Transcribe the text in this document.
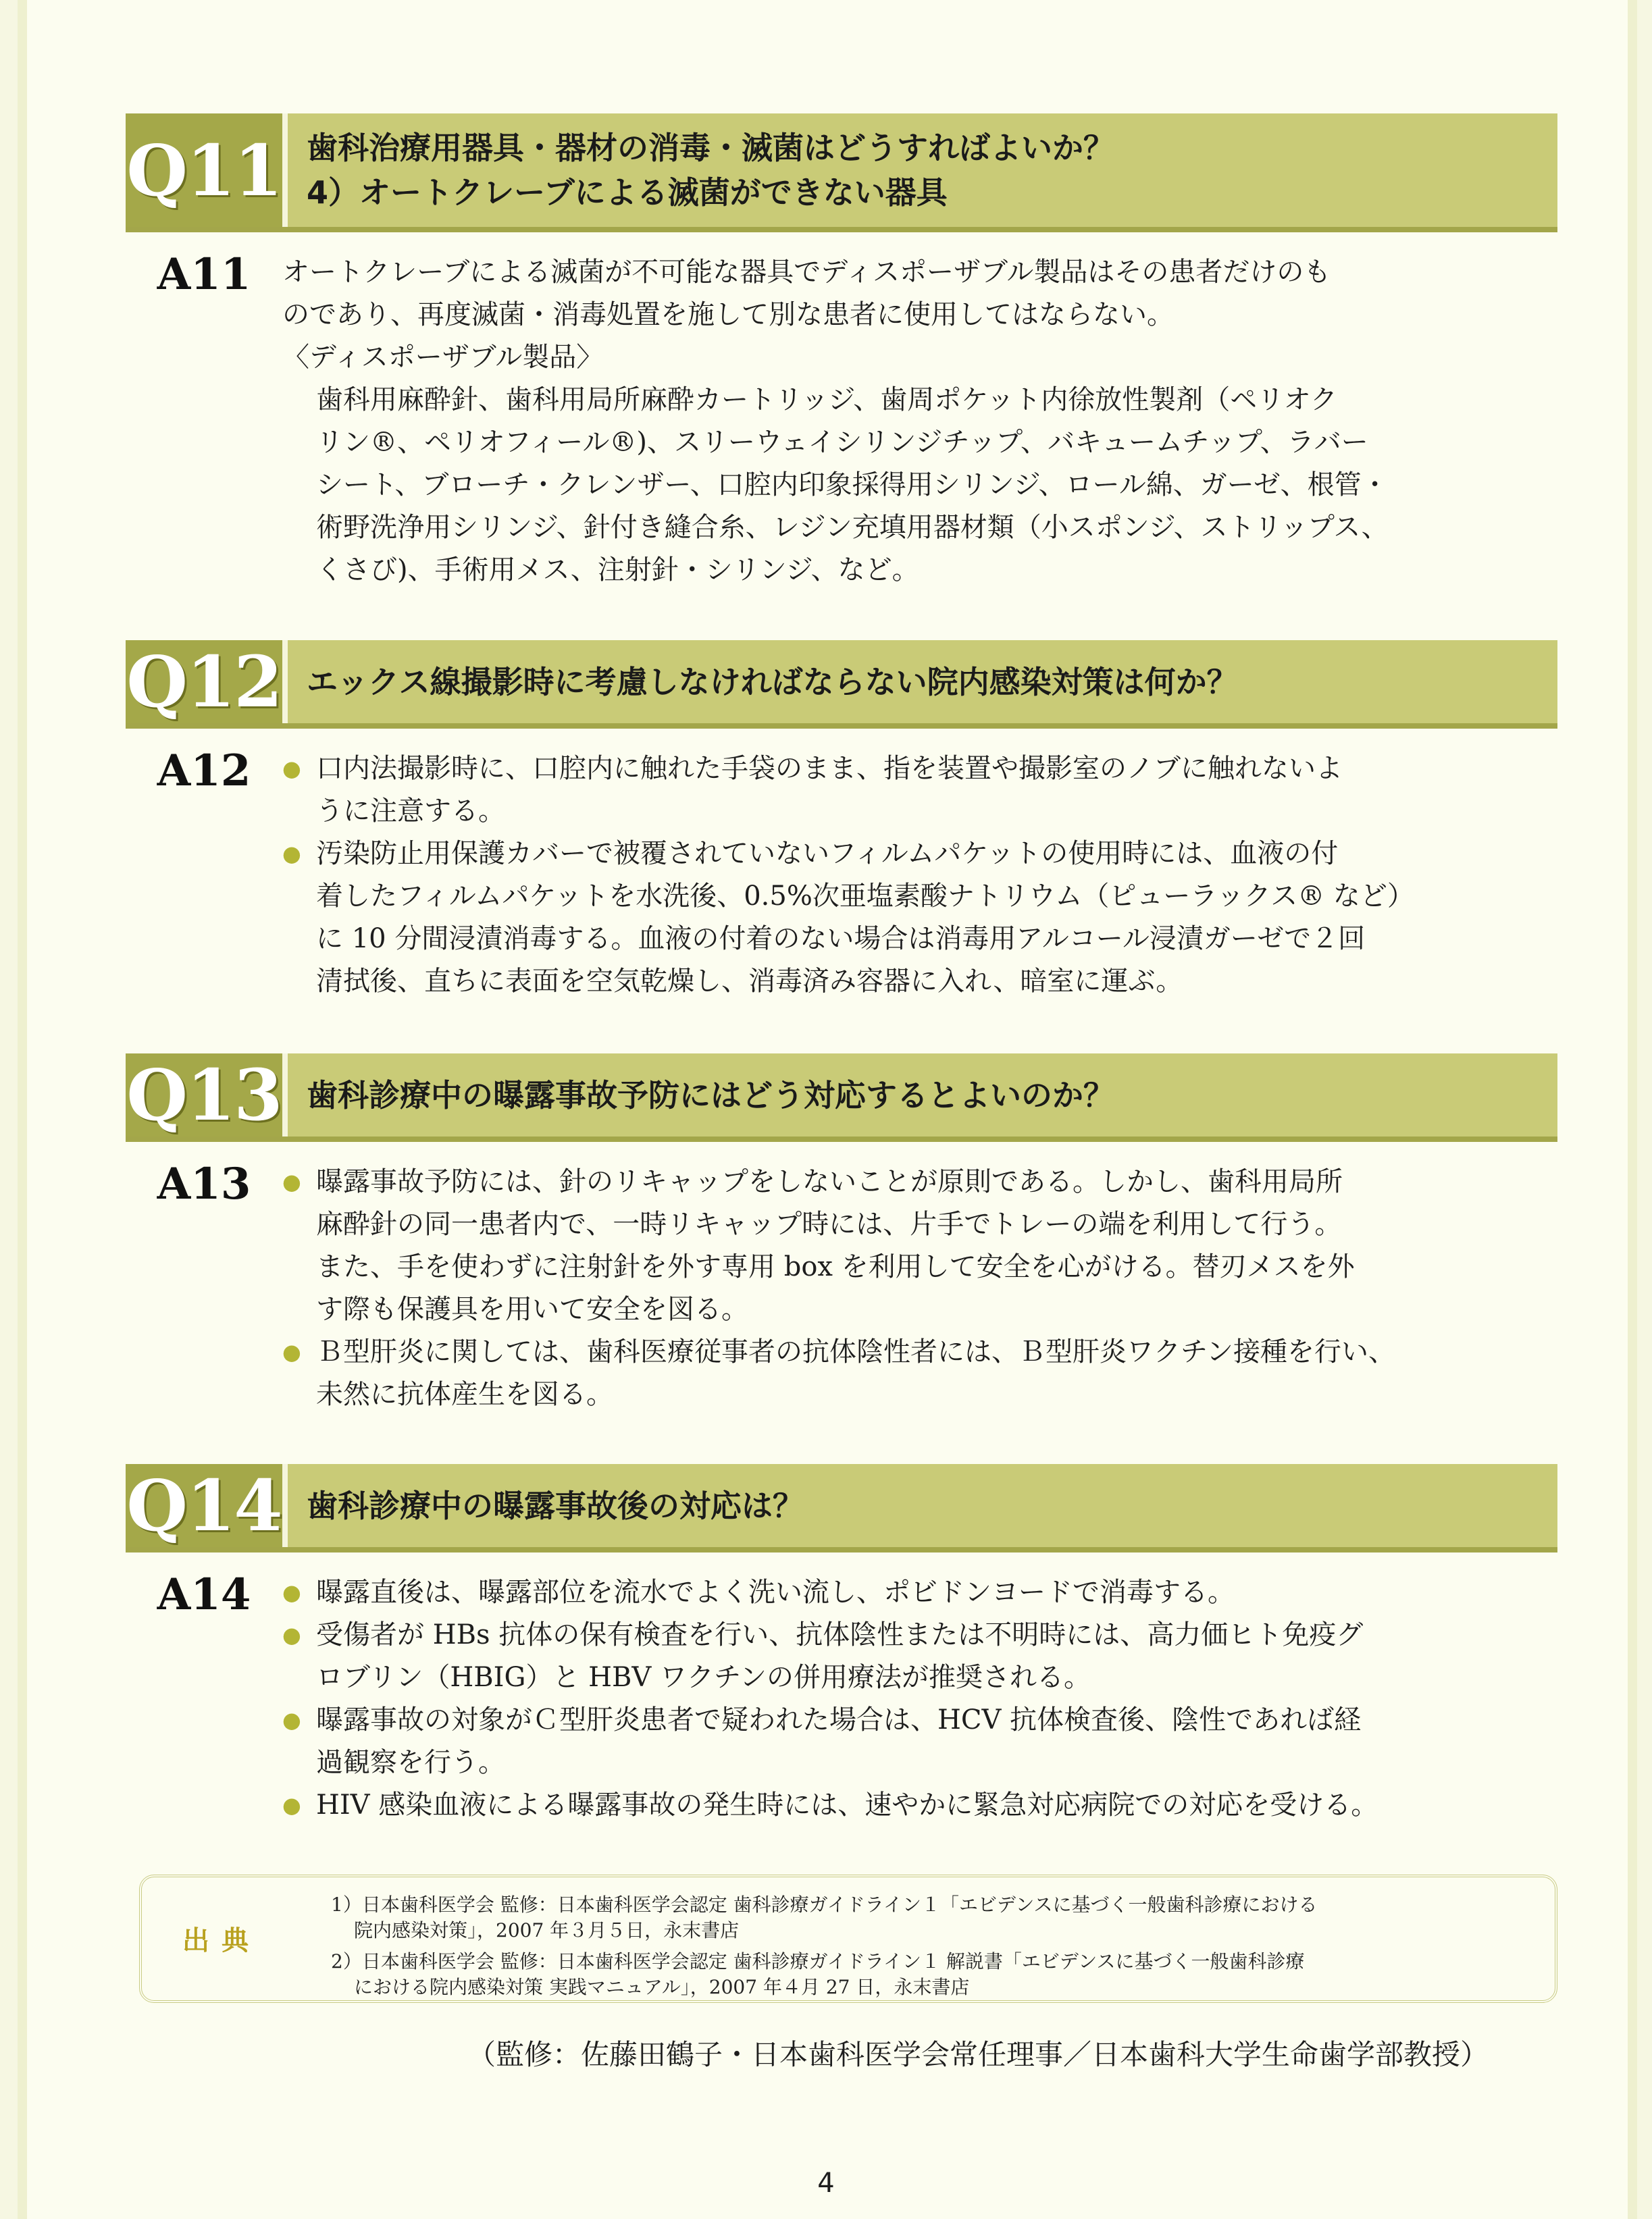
Q11 歯科治療用器具・器材の消毒・滅菌はどうすればよいか？
4）オートクレーブによる滅菌ができない器具
A11	オートクレーブによる滅菌が不可能な器具でディスポーザブル製品はその患者だけのも
のであり、再度滅菌・消毒処置を施して別な患者に使用してはならない。
〈ディスポーザブル製品〉
歯科用麻酔針、歯科用局所麻酔カートリッジ、歯周ポケット内徐放性製剤（ペリオク
リン®、ペリオフィール®)、スリーウェイシリンジチップ、バキュームチップ、ラバー
シート、ブローチ・クレンザー、口腔内印象採得用シリンジ、ロール綿、ガーゼ、根管・
術野洗浄用シリンジ、針付き縫合糸、レジン充填用器材類（小スポンジ、ストリップス、
くさび)、手術用メス、注射針・シリンジ、など。
Q12 エックス線撮影時に考慮しなければならない院内感染対策は何か？
A12	● 口内法撮影時に、口腔内に触れた手袋のまま、指を装置や撮影室のノブに触れないよ
うに注意する。
● 汚染防止用保護カバーで被覆されていないフィルムパケットの使用時には、血液の付
着したフィルムパケットを水洗後、0.5%次亜塩素酸ナトリウム（ピューラックス® など）
に 10 分間浸漬消毒する。血液の付着のない場合は消毒用アルコール浸漬ガーゼで２回
清拭後、直ちに表面を空気乾燥し、消毒済み容器に入れ、暗室に運ぶ。
Q13 歯科診療中の曝露事故予防にはどう対応するとよいのか？
A13	● 曝露事故予防には、針のリキャップをしないことが原則である。しかし、歯科用局所
麻酔針の同一患者内で、一時リキャップ時には、片手でトレーの端を利用して行う。
また、手を使わずに注射針を外す専用 box を利用して安全を心がける。替刃メスを外
す際も保護具を用いて安全を図る。
● Ｂ型肝炎に関しては、歯科医療従事者の抗体陰性者には、Ｂ型肝炎ワクチン接種を行い、
未然に抗体産生を図る。
Q14 歯科診療中の曝露事故後の対応は？
A14	● 曝露直後は、曝露部位を流水でよく洗い流し、ポビドンヨードで消毒する。
● 受傷者が HBs 抗体の保有検査を行い、抗体陰性または不明時には、高力価ヒト免疫グ
ロブリン（HBIG）と HBV ワクチンの併用療法が推奨される。
● 曝露事故の対象がＣ型肝炎患者で疑われた場合は、HCV 抗体検査後、陰性であれば経
過観察を行う。
● HIV 感染血液による曝露事故の発生時には、速やかに緊急対応病院での対応を受ける。
出典
1）日本歯科医学会 監修：日本歯科医学会認定 歯科診療ガイドライン１「エビデンスに基づく一般歯科診療における
院内感染対策」，2007 年３月５日，永末書店
2）日本歯科医学会 監修：日本歯科医学会認定 歯科診療ガイドライン１ 解説書「エビデンスに基づく一般歯科診療
における院内感染対策 実践マニュアル」，2007 年４月 27 日，永末書店
（監修：佐藤田鶴子・日本歯科医学会常任理事／日本歯科大学生命歯学部教授）
4
